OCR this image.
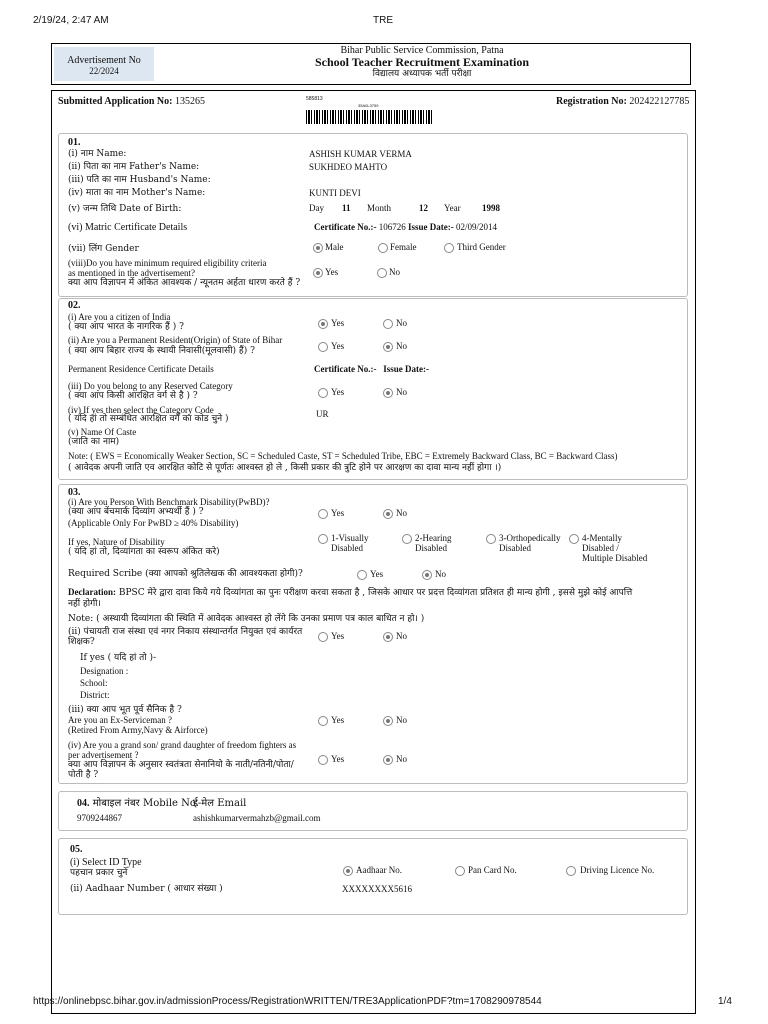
2/19/24, 2:47 AM	TRE
Advertisement No
22/2024
Bihar Public Service Commission, Patna
School Teacher Recruitment Examination
विद्यालय अध्यापक भर्ती परीक्षा
Submitted Application No: 135265	585813
35A0L3759	Registration No: 202422127785
01.
(i) नाम Name:	ASHISH KUMAR VERMA
(ii) पिता का नाम Father's Name:	SUKHDEO MAHTO
(iii) पति का नाम Husband's Name:
(iv) माता का नाम Mother's Name:	KUNTI DEVI
(v) जन्म तिथि Date of Birth:	Day 11 Month	12 Year 1998
(vi) Matric Certificate Details	Certificate No.:- 106726 Issue Date:- 02/09/2014
(vii) लिंग Gender	Male	Female	Third Gender
(viii)Do you have minimum required eligibility criteria
as mentioned in the advertisement?
क्या आप विज्ञापन में अंकित आवश्यक / न्यूनतम अर्हता धारण करते हैं ?
Yes	No
02.
(i) Are you a citizen of India
( क्या आप भारत के नागरिक हैं ) ?	Yes	No
(ii) Are you a Permanent Resident(Origin) of State of Bihar
( क्या आप बिहार राज्य के स्थायी निवासी(मूलवासी) हैं) ?	Yes	No
Permanent Residence Certificate Details	Certificate No.:- Issue Date:-
(iii) Do you belong to any Reserved Category
( क्या आप किसी आरक्षित वर्ग से है ) ?	Yes	No
(iv) If yes then select the Category Code
( यदि हां तो सम्बंधित आरक्षित वर्ग का कोड चुने )	UR
(v) Name Of Caste
(जाति का नाम)
Note: ( EWS = Economically Weaker Section, SC = Scheduled Caste, ST = Scheduled Tribe, EBC = Extremely Backward Class, BC = Backward Class)
( आवेदक अपनी जाति एव आरक्षित कोटि से पूर्णतः आश्वस्त हो ले , किसी प्रकार की त्रुटि होने पर आरक्षण का दावा मान्य नहीं होगा ।)
03.
(i) Are you Person With Benchmark Disability(PwBD)?
(क्या आप बेंचमार्क दिव्यांग अभ्यर्थी हैं ) ?
(Applicable Only For PwBD ≥ 40% Disability)
Yes	No
If yes, Nature of Disability
( यदि हां तो, दिव्यांगता का स्वरूप अंकित करे)
1-Visually
Disabled
2-Hearing
Disabled
3-Orthopedically
Disabled
4-Mentally
Disabled /
Multiple Disabled
Required Scribe (क्या आपको श्रुतिलेखक की आवश्यकता होगी)?	Yes	No
Declaration: BPSC मेरे द्वारा दावा किये गये दिव्यांगता का पुनः परीक्षण करवा सकता है , जिसके आधार पर प्रदत्त दिव्यांगता प्रतिशत ही मान्य होगी , इससे मुझे कोई आपत्ति
नहीं होगी।
Note: ( अस्थायी दिव्यांगता की स्थिति में आवेदक आश्वस्त हो लेंगे कि उनका प्रमाण पत्र काल बाधित न हो। )
(ii) पंचायती राज संस्था एवं नगर निकाय संस्थान्तर्गत नियुक्त एवं कार्यरत
शिक्षक?
Yes	No
If yes ( यदि हां तो )-
Designation :
School:
District:
(iii) क्या आप भूत पूर्व सैनिक है ?
Are you an Ex-Serviceman ?
(Retired From Army,Navy & Airforce)
Yes	No
(iv) Are you a grand son/ grand daughter of freedom fighters as
per advertisement ?
क्या आप विज्ञापन के अनुसार स्वतंत्रता सेनानियो के नाती/नतिनी/पोता/
पोती है ?
Yes	No
04. मोबाइल नंबर Mobile No.
ई-मेल Email
9709244867	ashishkumarvermahzb@gmail.com
05.
(i) Select ID Type
पहचान प्रकार चुनें	Aadhaar No.	Pan Card No.	Driving Licence No.
(ii) Aadhaar Number ( आधार संख्या )	XXXXXXXX5616
https://onlinebpsc.bihar.gov.in/admissionProcess/RegistrationWRITTEN/TRE3ApplicationPDF?tm=1708290978544	1/4
